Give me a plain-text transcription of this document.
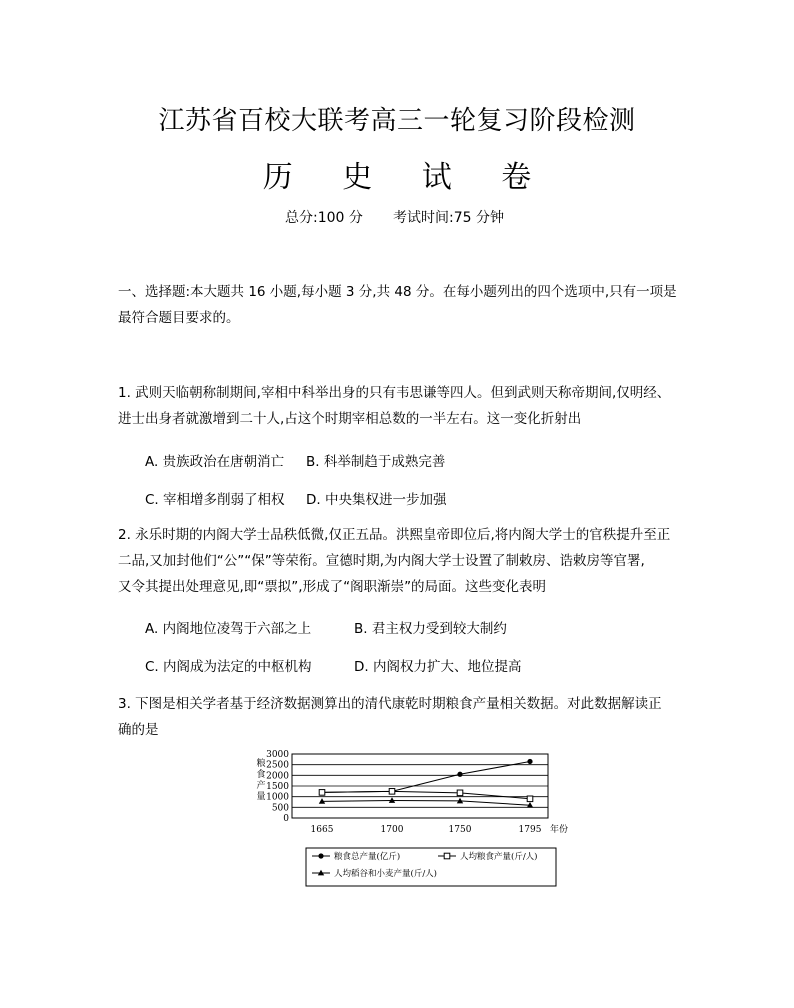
江苏省百校大联考高三一轮复习阶段检测
历 史 试 卷
总分:100 分 考试时间:75 分钟
一、选择题:本大题共 16 小题,每小题 3 分,共 48 分。在每小题列出的四个选项中,只有一项是
最符合题目要求的。
1. 武则天临朝称制期间,宰相中科举出身的只有韦思谦等四人。但到武则天称帝期间,仅明经、
进士出身者就激增到二十人,占这个时期宰相总数的一半左右。这一变化折射出
A. 贵族政治在唐朝消亡 B. 科举制趋于成熟完善
C. 宰相增多削弱了相权 D. 中央集权进一步加强
2. 永乐时期的内阁大学士品秩低微,仅正五品。洪熙皇帝即位后,将内阁大学士的官秩提升至正
二品,又加封他们“公”“保”等荣衔。宣德时期,为内阁大学士设置了制敕房、诰敕房等官署,
又令其提出处理意见,即“票拟”,形成了“阁职渐崇”的局面。这些变化表明
A. 内阁地位凌驾于六部之上	B. 君主权力受到较大制约
C. 内阁成为法定的中枢机构	D. 内阁权力扩大、地位提高
3. 下图是相关学者基于经济数据测算出的清代康乾时期粮食产量相关数据。对此数据解读正
确的是
0
500
1000
1500
2000
2500
3000
粮
食
产
量
1665	1700	1750	1795 年份
粮食总产量(亿斤)	人均粮食产量(斤/人)
人均稻谷和小麦产量(斤/人)
